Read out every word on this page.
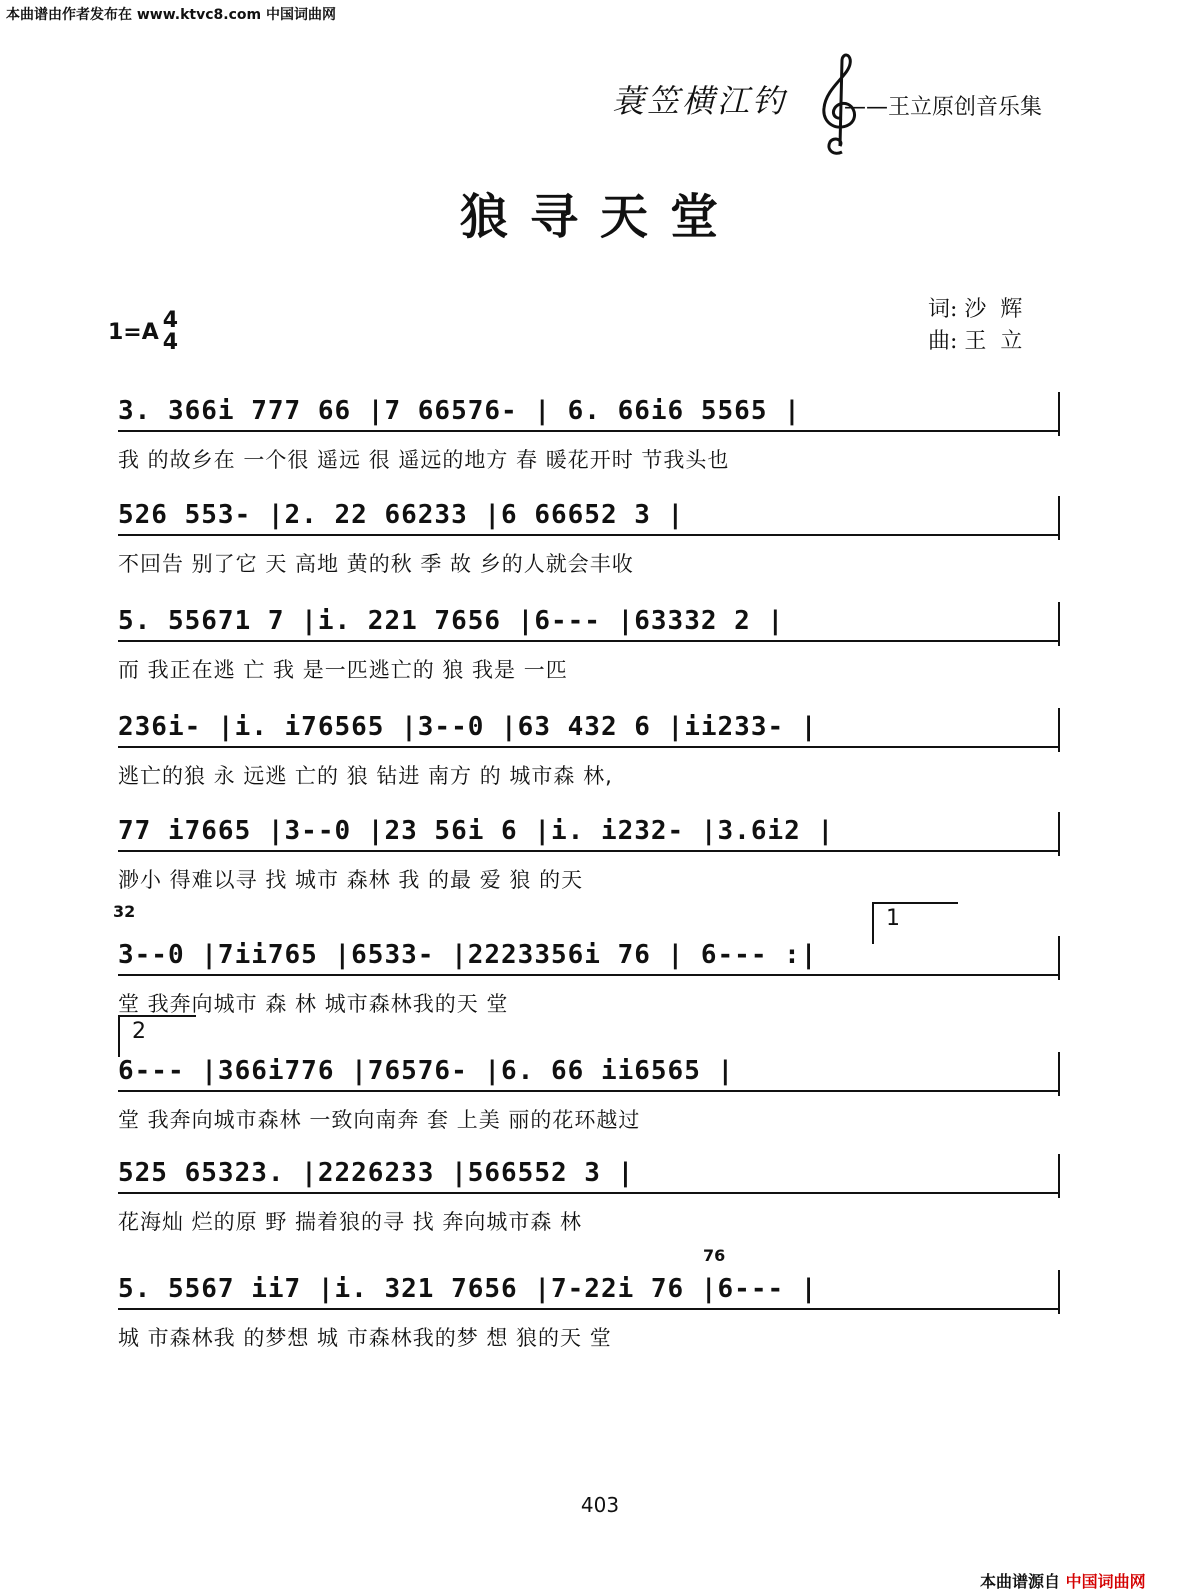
本曲谱由作者发布在 www.ktvc8.com 中国词曲网
蓑笠横江钓	——王立原创音乐集
狼寻天堂
词: 沙  辉
曲: 王  立
1=A 4
4
3. 366i 777 66 |7 66576- | 6. 66i6 5565 |
我 的故乡在 一个很 遥远 很 遥远的地方 春 暖花开时 节我头也
526 553- |2. 22 66233 |6 66652 3 |
不回告 别了它 天 高地 黄的秋 季 故 乡的人就会丰收
5. 55671 7 |i. 221 7656 |6--- |63332 2 |
而 我正在逃 亡 我 是一匹逃亡的 狼 我是 一匹
236i- |i. i76565 |3--0 |63 432 6 |ii233- |
逃亡的狼 永 远逃 亡的 狼 钻进 南方 的 城市森 林,
77 i7665 |3--0 |23 56i 6 |i. i232- |3.6i2 |
渺小 得难以寻 找 城市 森林 我 的最 爱 狼 的天
3--0 |7ii765 |6533- |2223356i 76 | 6--- :|
堂 我奔向城市 森 林 城市森林我的天 堂
6--- |366i776 |76576- |6. 66 ii6565 |
堂 我奔向城市森林 一致向南奔 套 上美 丽的花环越过
525 65323. |2226233 |566552 3 |
花海灿 烂的原 野 揣着狼的寻 找 奔向城市森 林
5. 5567 ii7 |i. 321 7656 |7-22i 76 |6--- |
城 市森林我 的梦想 城 市森林我的梦 想 狼的天 堂
32
76
1
2
403
本曲谱源自 中国词曲网
